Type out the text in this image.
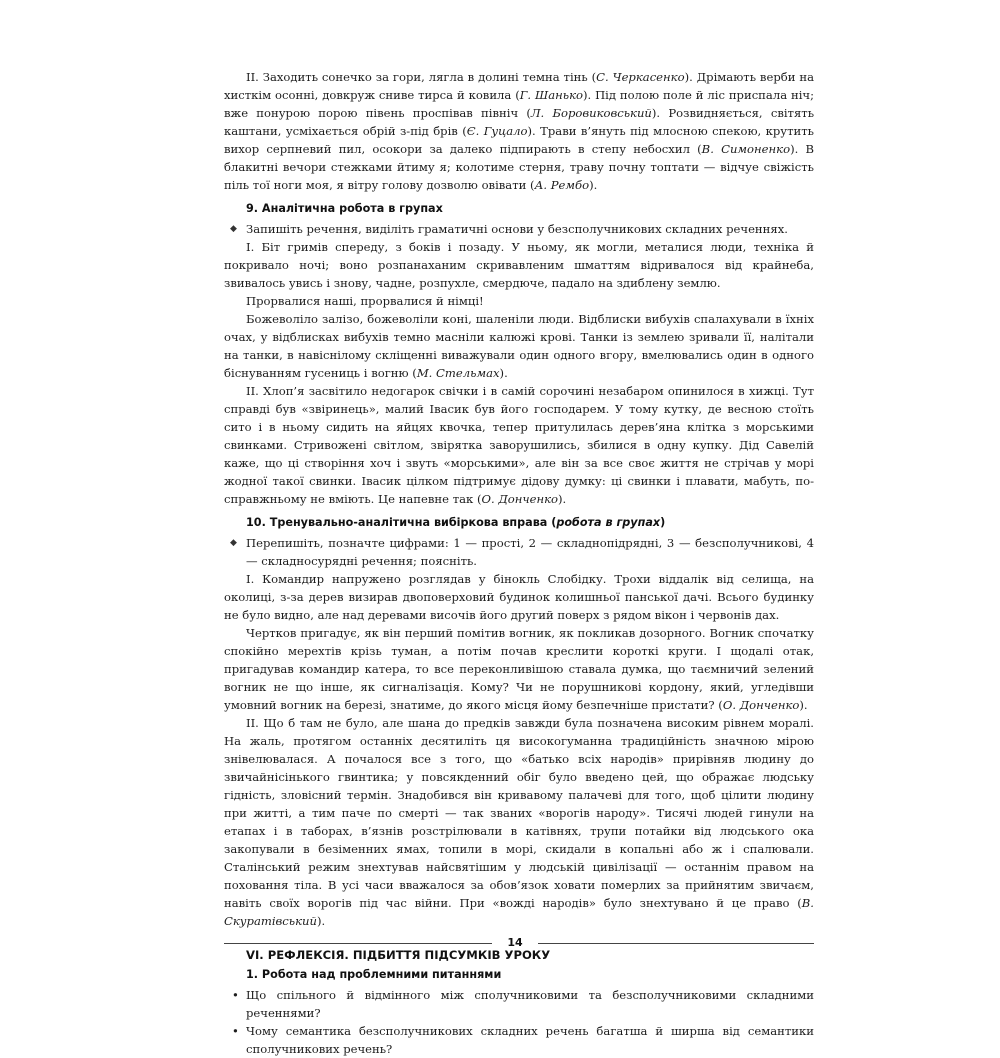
II. Заходить сонечко за гори, лягла в долині темна тінь (С. Черкасенко). Дрімають верби на хисткім осонні, довкруж сниве тирса й ковила (Г. Шанько). Під полою поле й ліс приспала ніч; вже понурою порою півень проспівав північ (Л. Боровиковський). Розвидняється, світять каштани, усміхається обрій з-під брів (Є. Гуцало). Трави в’януть під млосною спекою, крутить вихор серпневий пил, осокори за далеко підпирають в степу небосхил (В. Симоненко). В блакитні вечори стежками йтиму я; колотиме стерня, траву почну топтати — відчуе свіжість піль тої ноги моя, я вітру голову дозволю овівати (А. Рембо).

9. Аналітична робота в групах

◆ Запишіть речення, виділіть граматичні основи у безсполучникових складних реченнях.

I. Біт гримів спереду, з боків і позаду. У ньому, як могли, металися люди, техніка й покривало ночі; воно розпанаханим скривавленим шматтям відривалося від крайнеба, звивалось увись і знову, чадне, розпухле, смердюче, падало на здиблену землю.

Прорвалися наші, прорвалися й німці!

Божеволіло залізо, божеволіли коні, шаленіли люди. Відблиски вибухів спалахували в їхніх очах, у відблисках вибухів темно масніли калюжі крові. Танки із землею зривали її, налітали на танки, в навісніломy скліщенні виважували один одного вгору, вмелювались один в одного біснуванням гусениць і вогню (М. Стельмах).

II. Хлоп’я засвітило недогарок свічки і в самій сорочині незабаром опинилося в хижці. Тут справді був «звіринець», малий Івасик був його господарем. У тому кутку, де весною стоїть сито і в ньому сидить на яйцях квочка, тепер притулилась дерев’яна клітка з морськими свинками. Стривожені світлом, звірятка заворушились, збилися в одну купку. Дід Савелій каже, що ці створіння хоч і звуть «морськими», але він за все своє життя не стрічав у морі жодної такої свинки. Івасик цілком підтримує дідову думку: ці свинки і плавати, мабуть, по-справжньому не вміють. Це напевне так (О. Донченко).

10. Тренувально-аналітична вибіркова вправа (робота в групах)

◆ Перепишіть, позначте цифрами: 1 — прості, 2 — складнопідрядні, 3 — безсполучникові, 4 — складносурядні речення; поясніть.

I. Командир напружено розглядав у бінокль Слобідку. Трохи віддалік від селища, на околиці, з-за дерев визирав двоповерховий будинок колишньої панської дачі. Всього будинку не було видно, але над деревами височів його другий поверх з рядом вікон і червонів дах.

Чертков пригадує, як він перший помітив вогник, як покликав дозорного. Вогник спочатку спокійно мерехтів крізь туман, а потім почав креслити короткі круги. І щодалі отак, пригадував командир катера, то все переконливішою ставала думка, що таємничий зелений вогник не що інше, як сигналізація. Кому? Чи не порушникові кордону, який, угледівши умовний вогник на березі, знатиме, до якого місця йому безпечніше пристати? (О. Донченко).

II. Що б там не було, але шана до предків завжди була позначена високим рівнем моралі. На жаль, протягом останніх десятиліть ця високогуманна традиційність значною мірою знівелювалася. А почалося все з того, що «батько всіх народів» прирівняв людину до звичайнісінького гвинтика; у повсякденний обіг було введено цей, що ображає людську гідність, зловісний термін. Знадобився він кривавому палачеві для того, щоб цілити людину при житті, а тим паче по смерті — так званих «ворогів народу». Тисячі людей гинули на етапах і в таборах, в’язнів розстрілювали в катівнях, трупи потайки від людського ока закопували в безіменних ямах, топили в морі, скидали в копальні або ж і спалювали. Сталінський режим знехтував найсвятішим у людській цивілізації — останнім правом на поховання тіла. В усі часи вважалося за обов’язок ховати померлих за прийнятим звичаєм, навіть своїх ворогів під час війни. При «вожді народів» було знехтувано й це право (В. Скуратівський).

VI. РЕФЛЕКСІЯ. ПІДБИТТЯ ПІДСУМКІВ УРОКУ
1. Робота над проблемними питаннями

• Що спільного й відмінного між сполучниковими та безсполучниковими складними реченнями?

• Чому семантика безсполучникових складних речень багатша й ширша від семантики сполучникових речень?

14
